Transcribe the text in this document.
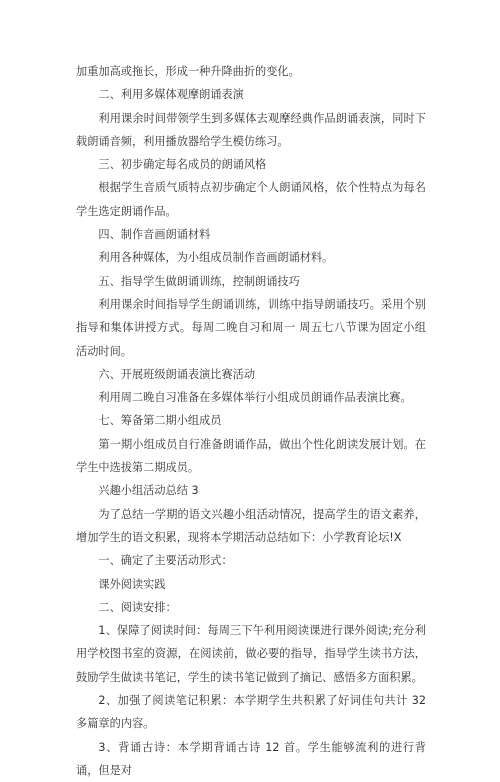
加重加高或拖长，形成一种升降曲折的变化。

二、利用多媒体观摩朗诵表演

利用课余时间带领学生到多媒体去观摩经典作品朗诵表演，同时下载朗诵音频，利用播放器给学生模仿练习。

三、初步确定每名成员的朗诵风格

根据学生音质气质特点初步确定个人朗诵风格，依个性特点为每名学生选定朗诵作品。

四、制作音画朗诵材料

利用各种媒体，为小组成员制作音画朗诵材料。

五、指导学生做朗诵训练，控制朗诵技巧

利用课余时间指导学生朗诵训练，训练中指导朗诵技巧。采用个别指导和集体讲授方式。每周二晚自习和周一 周五七八节课为固定小组活动时间。

六、开展班级朗诵表演比赛活动

利用周二晚自习准备在多媒体举行小组成员朗诵作品表演比赛。

七、筹备第二期小组成员

第一期小组成员自行准备朗诵作品，做出个性化朗读发展计划。在学生中选拔第二期成员。

兴趣小组活动总结 3

为了总结一学期的语文兴趣小组活动情况，提高学生的语文素养，增加学生的语文积累，现将本学期活动总结如下：小学教育论坛!X

一、确定了主要活动形式：

课外阅读实践

二、阅读安排：

1、保障了阅读时间：每周三下午利用阅读课进行课外阅读;充分利用学校图书室的资源，在阅读前，做必要的指导，指导学生读书方法，鼓励学生做读书笔记，学生的读书笔记做到了摘记、感悟多方面积累。

2、加强了阅读笔记积累：本学期学生共积累了好词佳句共计 32 多篇章的内容。

3、背诵古诗：本学期背诵古诗 12 首。学生能够流利的进行背诵，但是对
